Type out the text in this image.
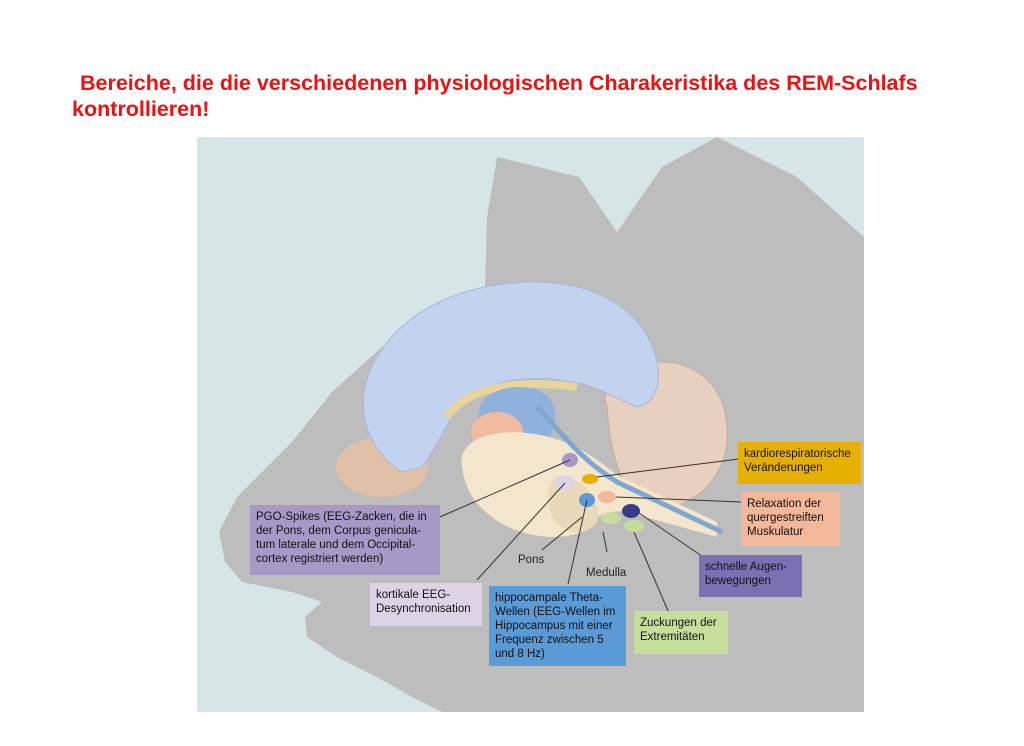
Bereiche, die die verschiedenen physiologischen Charakeristika des REM-Schlafs kontrollieren!
kardiorespiratorische Veränderungen
Relaxation der quergestreiften Muskulatur
schnelle Augen-bewegungen
Zuckungen der Extremitäten
PGO-Spikes (EEG-Zacken, die in der Pons, dem Corpus genicula-tum laterale und dem Occipital-cortex registriert werden)
kortikale EEG-Desynchronisation
hippocampale Theta-Wellen (EEG-Wellen im Hippocampus mit einer Frequenz zwischen 5 und 8 Hz)
Pons
Medulla
